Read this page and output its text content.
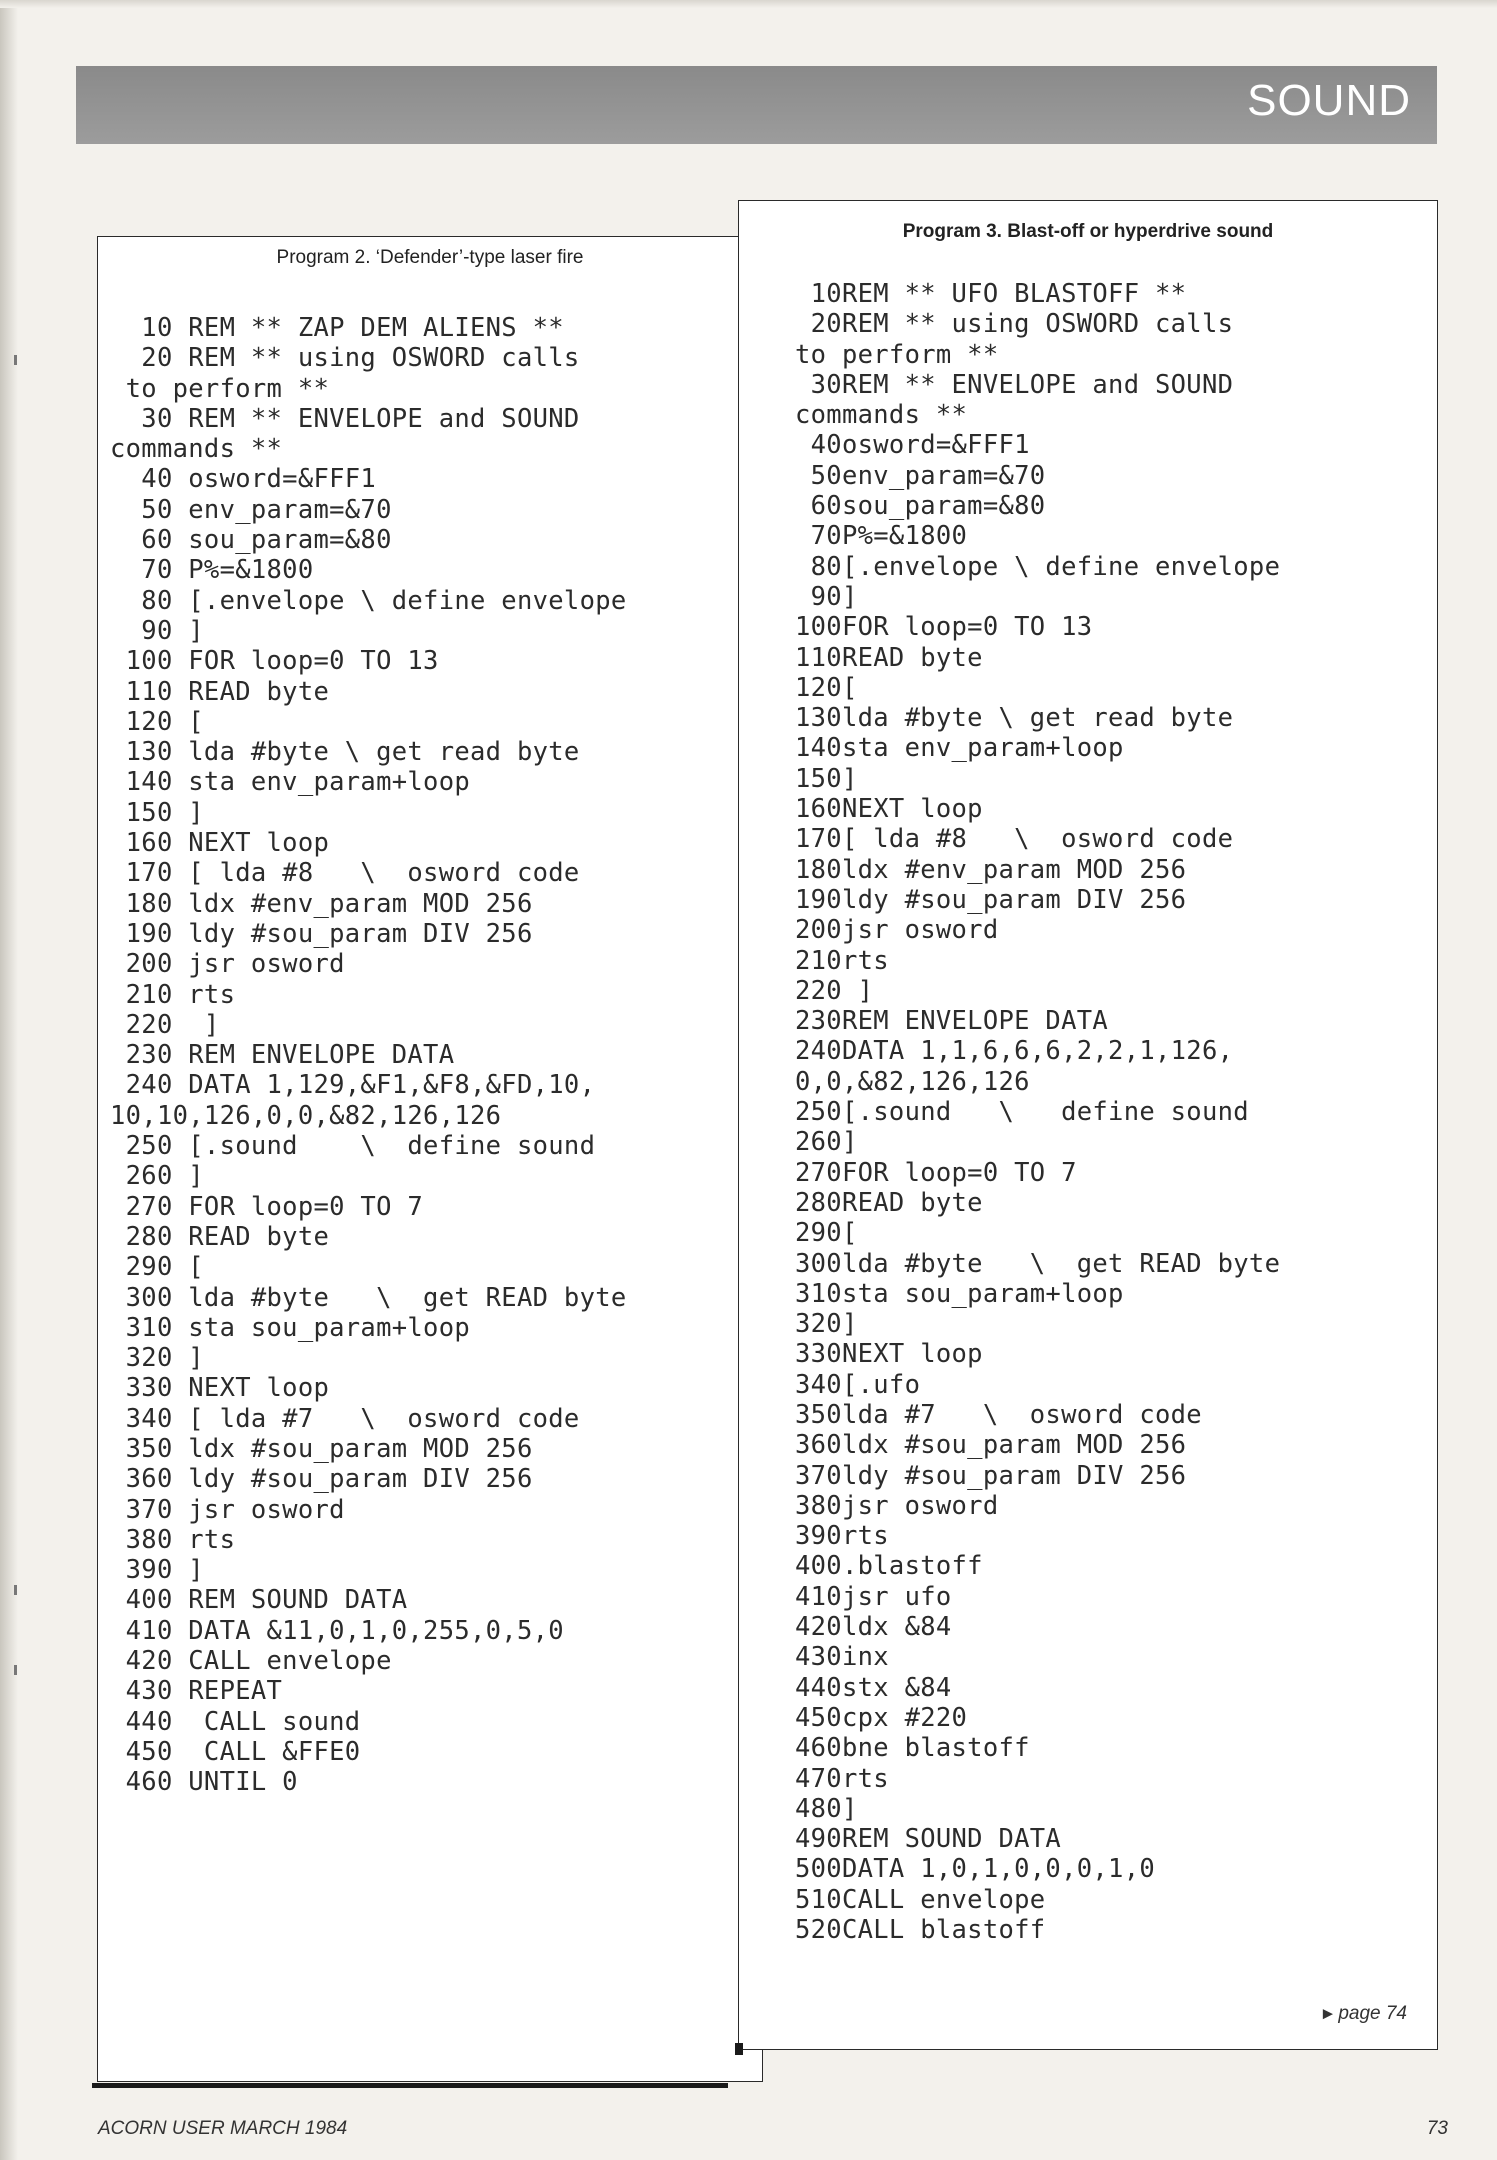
SOUND
Program 2. ‘Defender’-type laser fire
10 REM ** ZAP DEM ALIENS **
20 REM ** using OSWORD calls
to perform **
30 REM ** ENVELOPE and SOUND
commands **
40 osword=&FFF1
50 env_param=&70
60 sou_param=&80
70 P%=&1800
80 [.envelope \ define envelope
90 ]
100 FOR loop=0 TO 13
110 READ byte
120 [
130 lda #byte \ get read byte
140 sta env_param+loop
150 ]
160 NEXT loop
170 [ lda #8   \  osword code
180 ldx #env_param MOD 256
190 ldy #sou_param DIV 256
200 jsr osword
210 rts
220  ]
230 REM ENVELOPE DATA
240 DATA 1,129,&F1,&F8,&FD,10,
10,10,126,0,0,&82,126,126
250 [.sound    \  define sound
260 ]
270 FOR loop=0 TO 7
280 READ byte
290 [
300 lda #byte   \  get READ byte
310 sta sou_param+loop
320 ]
330 NEXT loop
340 [ lda #7   \  osword code
350 ldx #sou_param MOD 256
360 ldy #sou_param DIV 256
370 jsr osword
380 rts
390 ]
400 REM SOUND DATA
410 DATA &11,0,1,0,255,0,5,0
420 CALL envelope
430 REPEAT
440  CALL sound
450  CALL &FFE0
460 UNTIL 0
Program 3. Blast-off or hyperdrive sound
10REM ** UFO BLASTOFF **
20REM ** using OSWORD calls
to perform **
30REM ** ENVELOPE and SOUND
commands **
40osword=&FFF1
50env_param=&70
60sou_param=&80
70P%=&1800
80[.envelope \ define envelope
90]
100FOR loop=0 TO 13
110READ byte
120[
130lda #byte \ get read byte
140sta env_param+loop
150]
160NEXT loop
170[ lda #8   \  osword code
180ldx #env_param MOD 256
190ldy #sou_param DIV 256
200jsr osword
210rts
220 ]
230REM ENVELOPE DATA
240DATA 1,1,6,6,6,2,2,1,126,
0,0,&82,126,126
250[.sound   \   define sound
260]
270FOR loop=0 TO 7
280READ byte
290[
300lda #byte   \  get READ byte
310sta sou_param+loop
320]
330NEXT loop
340[.ufo
350lda #7   \  osword code
360ldx #sou_param MOD 256
370ldy #sou_param DIV 256
380jsr osword
390rts
400.blastoff
410jsr ufo
420ldx &84
430inx
440stx &84
450cpx #220
460bne blastoff
470rts
480]
490REM SOUND DATA
500DATA 1,0,1,0,0,0,1,0
510CALL envelope
520CALL blastoff
► page 74
ACORN USER MARCH 1984	73
